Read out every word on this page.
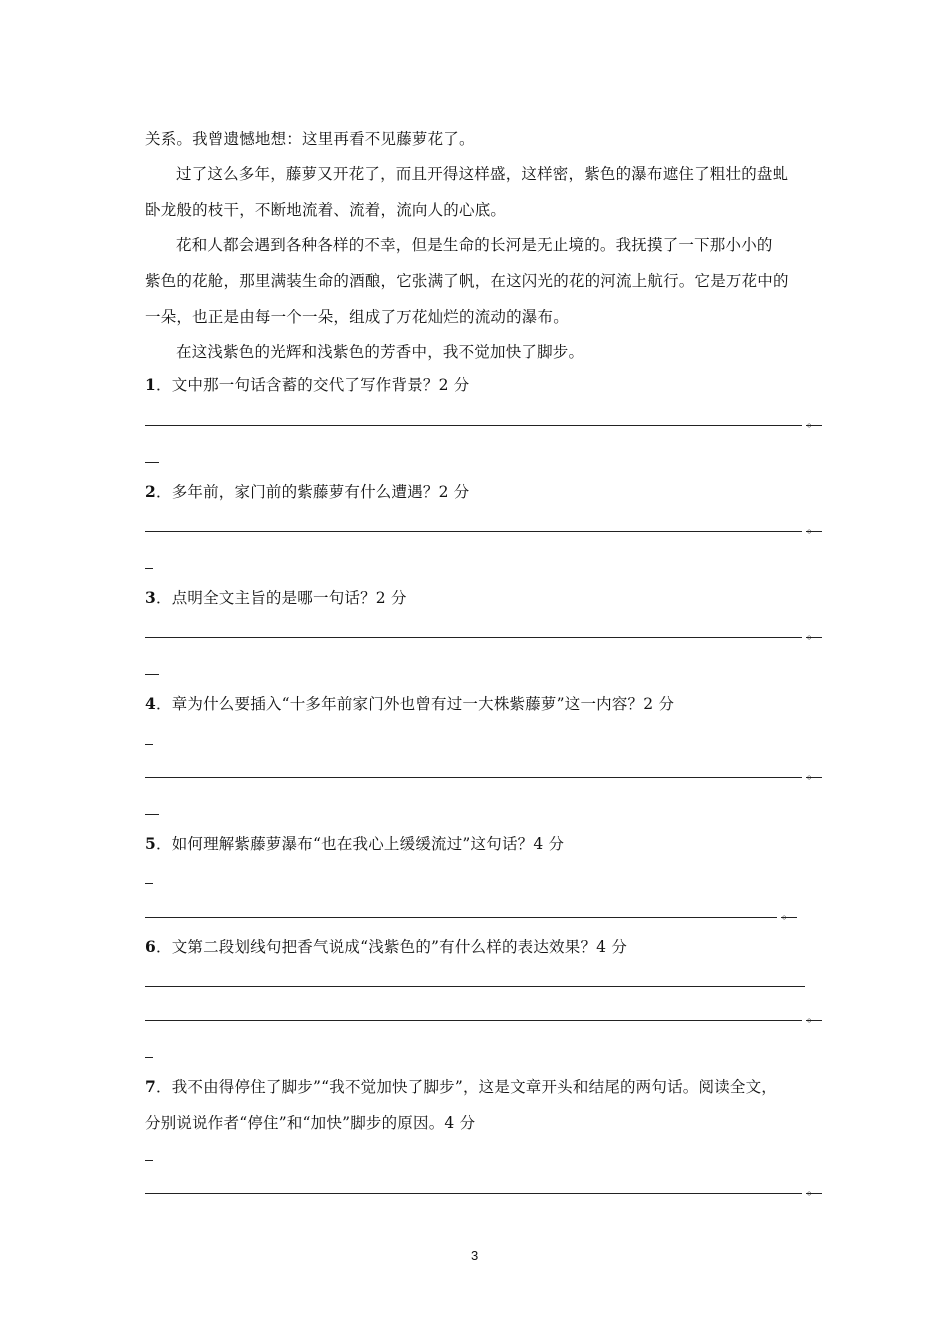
关系。我曾遗憾地想：这里再看不见藤萝花了。
过了这么多年，藤萝又开花了，而且开得这样盛，这样密，紫色的瀑布遮住了粗壮的盘虬
卧龙般的枝干，不断地流着、流着，流向人的心底。
花和人都会遇到各种各样的不幸，但是生命的长河是无止境的。我抚摸了一下那小小的
紫色的花舱，那里满装生命的酒酿，它张满了帆，在这闪光的花的河流上航行。它是万花中的
一朵，也正是由每一个一朵，组成了万花灿烂的流动的瀑布。
在这浅紫色的光辉和浅紫色的芳香中，我不觉加快了脚步。
1．文中那一句话含蓄的交代了写作背景？2 分
。
2．多年前，家门前的紫藤萝有什么遭遇？2 分
。
3．点明全文主旨的是哪一句话？2 分
。
4．章为什么要插入“十多年前家门外也曾有过一大株紫藤萝”这一内容？2 分
。
5．如何理解紫藤萝瀑布“也在我心上缓缓流过”这句话？4 分
。
6．文第二段划线句把香气说成“浅紫色的”有什么样的表达效果？4 分
。
7．我不由得停住了脚步”“我不觉加快了脚步”，这是文章开头和结尾的两句话。阅读全文，
分别说说作者“停住”和“加快”脚步的原因。4 分
。
3
